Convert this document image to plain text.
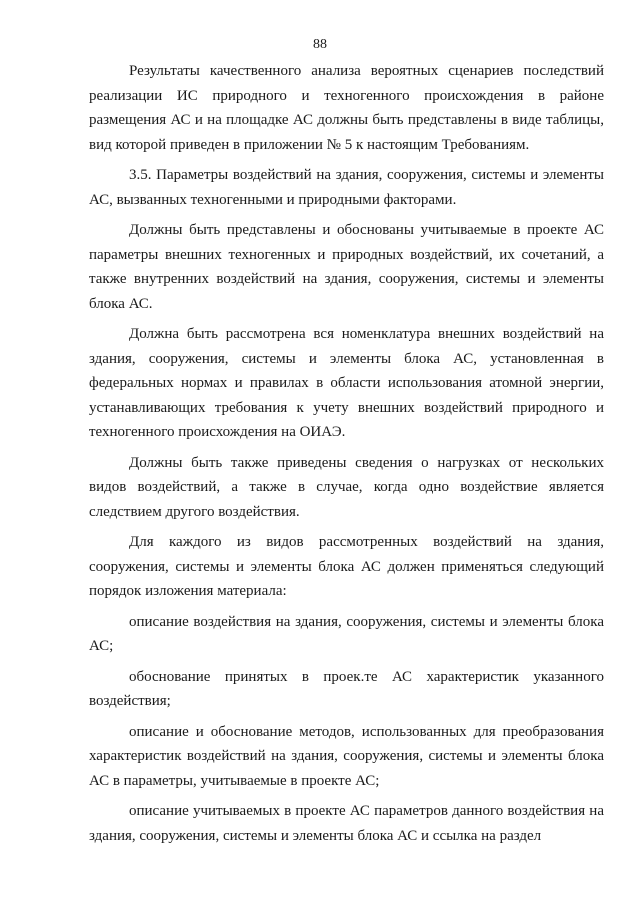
88

Результаты качественного анализа вероятных сценариев последствий реализации ИС природного и техногенного происхождения в районе размещения АС и на площадке АС должны быть представлены в виде таблицы, вид которой приведен в приложении № 5 к настоящим Требованиям.

3.5. Параметры воздействий на здания, сооружения, системы и элементы АС, вызванных техногенными и природными факторами.

Должны быть представлены и обоснованы учитываемые в проекте АС параметры внешних техногенных и природных воздействий, их сочетаний, а также внутренних воздействий на здания, сооружения, системы и элементы блока АС.

Должна быть рассмотрена вся номенклатура внешних воздействий на здания, сооружения, системы и элементы блока АС, установленная в федеральных нормах и правилах в области использования атомной энергии, устанавливающих требования к учету внешних воздействий природного и техногенного происхождения на ОИАЭ.

Должны быть также приведены сведения о нагрузках от нескольких видов воздействий, а также в случае, когда одно воздействие является следствием другого воздействия.

Для каждого из видов рассмотренных воздействий на здания, сооружения, системы и элементы блока АС должен применяться следующий порядок изложения материала:

описание воздействия на здания, сооружения, системы и элементы блока АС;

обоснование принятых в проек.те АС характеристик указанного воздействия;

описание и обоснование методов, использованных для преобразования характеристик воздействий на здания, сооружения, системы и элементы блока АС в параметры, учитываемые в проекте АС;

описание учитываемых в проекте АС параметров данного воздействия на здания, сооружения, системы и элементы блока АС и ссылка на раздел
